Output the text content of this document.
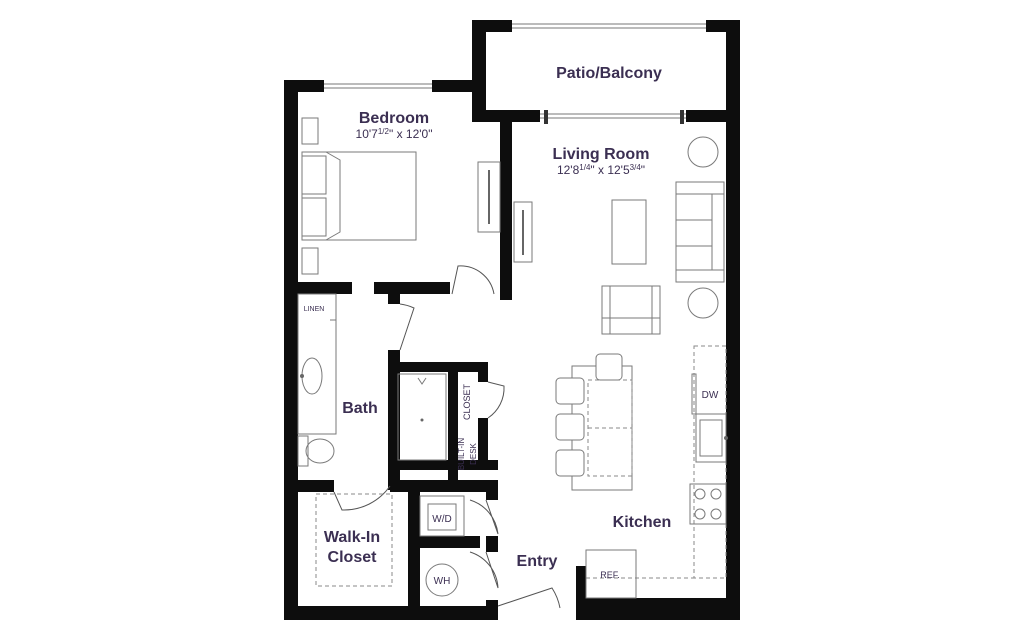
Patio/Balcony
Bedroom
$10'7^{1/2}$" x 12'0"
Living Room
$12'8^{1/4}$" x $12'5^{3/4}$"
Bath
Walk-In
Closet
Kitchen
Entry
LINEN
CLOSET
BUILT-IN DESK
W/D
WH
DW
REF.
